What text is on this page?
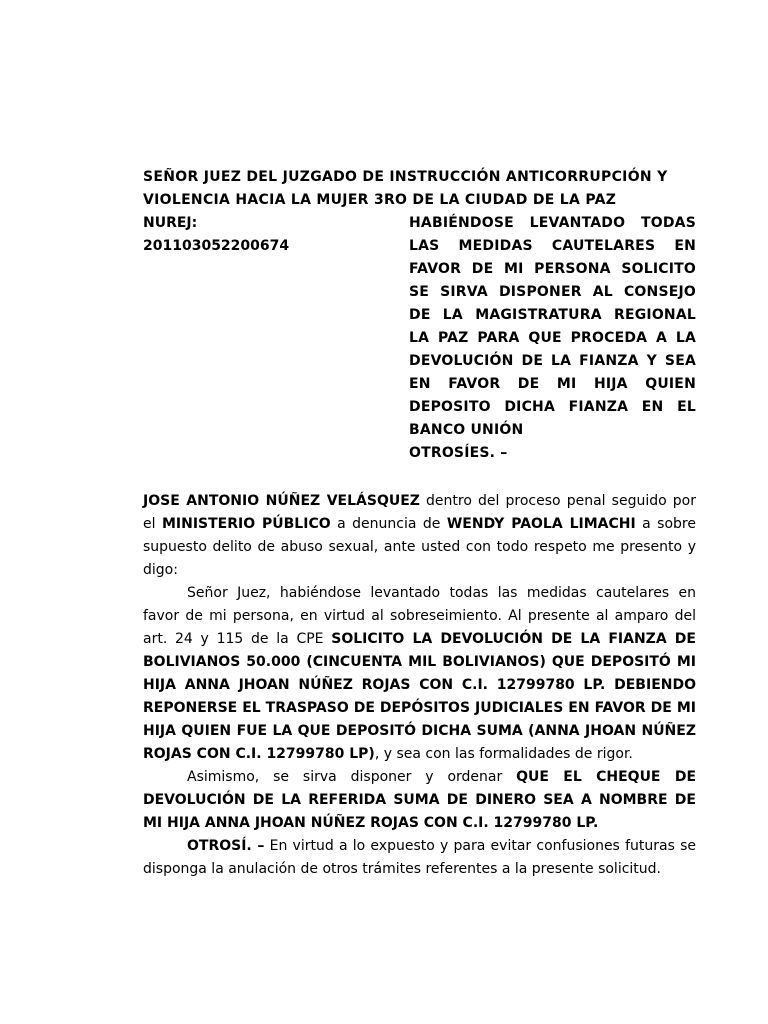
SEÑOR JUEZ DEL JUZGADO DE INSTRUCCIÓN ANTICORRUPCIÓN Y
VIOLENCIA HACIA LA MUJER 3RO DE LA CIUDAD DE LA PAZ
NUREJ:
201103052200674
HABIÉNDOSE LEVANTADO TODAS
LAS MEDIDAS CAUTELARES EN
FAVOR DE MI PERSONA SOLICITO
SE SIRVA DISPONER AL CONSEJO
DE LA MAGISTRATURA REGIONAL
LA PAZ PARA QUE PROCEDA A LA
DEVOLUCIÓN DE LA FIANZA Y SEA
EN FAVOR DE MI HIJA QUIEN
DEPOSITO DICHA FIANZA EN EL
BANCO UNIÓN
OTROSÍES. –

JOSE ANTONIO NÚÑEZ VELÁSQUEZ dentro del proceso penal seguido por el MINISTERIO PÚBLICO a denuncia de WENDY PAOLA LIMACHI a sobre supuesto delito de abuso sexual, ante usted con todo respeto me presento y digo:

Señor Juez, habiéndose levantado todas las medidas cautelares en favor de mi persona, en virtud al sobreseimiento. Al presente al amparo del art. 24 y 115 de la CPE SOLICITO LA DEVOLUCIÓN DE LA FIANZA DE BOLIVIANOS 50.000 (CINCUENTA MIL BOLIVIANOS) QUE DEPOSITÓ MI HIJA ANNA JHOAN NÚÑEZ ROJAS CON C.I. 12799780 LP. DEBIENDO REPONERSE EL TRASPASO DE DEPÓSITOS JUDICIALES EN FAVOR DE MI HIJA QUIEN FUE LA QUE DEPOSITÓ DICHA SUMA (ANNA JHOAN NÚÑEZ ROJAS CON C.I. 12799780 LP), y sea con las formalidades de rigor.

Asimismo, se sirva disponer y ordenar QUE EL CHEQUE DE DEVOLUCIÓN DE LA REFERIDA SUMA DE DINERO SEA A NOMBRE DE MI HIJA ANNA JHOAN NÚÑEZ ROJAS CON C.I. 12799780 LP.

OTROSÍ. – En virtud a lo expuesto y para evitar confusiones futuras se disponga la anulación de otros trámites referentes a la presente solicitud.
